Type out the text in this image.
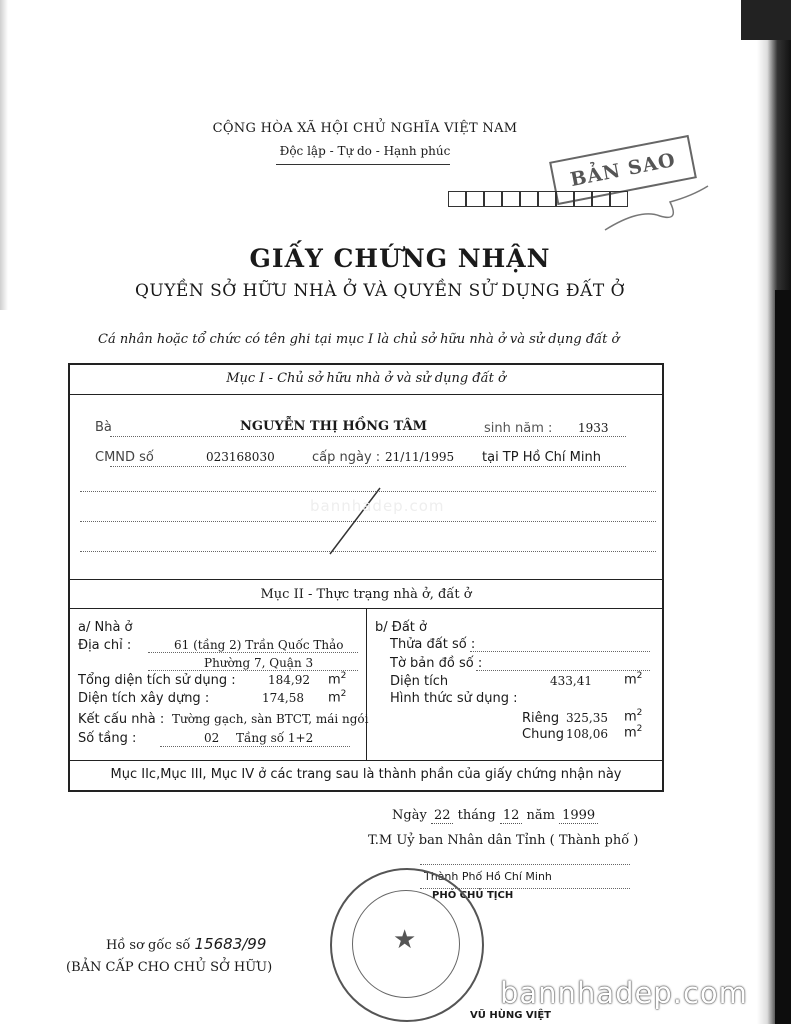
CỘNG HÒA XÃ HỘI CHỦ NGHĨA VIỆT NAM
Độc lập - Tự do - Hạnh phúc	BẢN SAO
GIẤY CHỨNG NHẬN
QUYỀN SỞ HỮU NHÀ Ở VÀ QUYỀN SỬ DỤNG ĐẤT Ở
Cá nhân hoặc tổ chức có tên ghi tại mục I là chủ sở hữu nhà ở và sử dụng đất ở
Mục I - Chủ sở hữu nhà ở và sử dụng đất ở
Bà	NGUYỄN THỊ HỒNG TÂM	sinh năm : 1933
CMND số	023168030	cấp ngày : 21/11/1995 tại TP Hồ Chí Minh
bannhadep.com
Mục II - Thực trạng nhà ở, đất ở
a/ Nhà ở
Địa chỉ :	61 (tầng 2) Trần Quốc Thảo
Phường 7, Quận 3
Tổng diện tích sử dụng :	184,92 $m^2$
Diện tích xây dựng :	174,58 $m^2$
Kết cấu nhà : Tường gạch, sàn BTCT, mái ngói
Số tầng :	02 Tầng số 1+2
b/ Đất ở
Thửa đất số :
Tờ bản đồ số :
Diện tích	433,41 $m^2$
Hình thức sử dụng :
Riêng 325,35 $m^2$
Chung 108,06 $m^2$
Mục IIc,Mục III, Mục IV ở các trang sau là thành phần của giấy chứng nhận này
Ngày 22 tháng 12 năm 1999
T.M Uỷ ban Nhân dân Tỉnh ( Thành phố )
Thành Phố Hồ Chí Minh
PHÓ CHỦ TỊCH
★
Hồ sơ gốc số 15683/99
(BẢN CẤP CHO CHỦ SỞ HỮU)
VŨ HÙNG VIỆT
bannhadep.com
